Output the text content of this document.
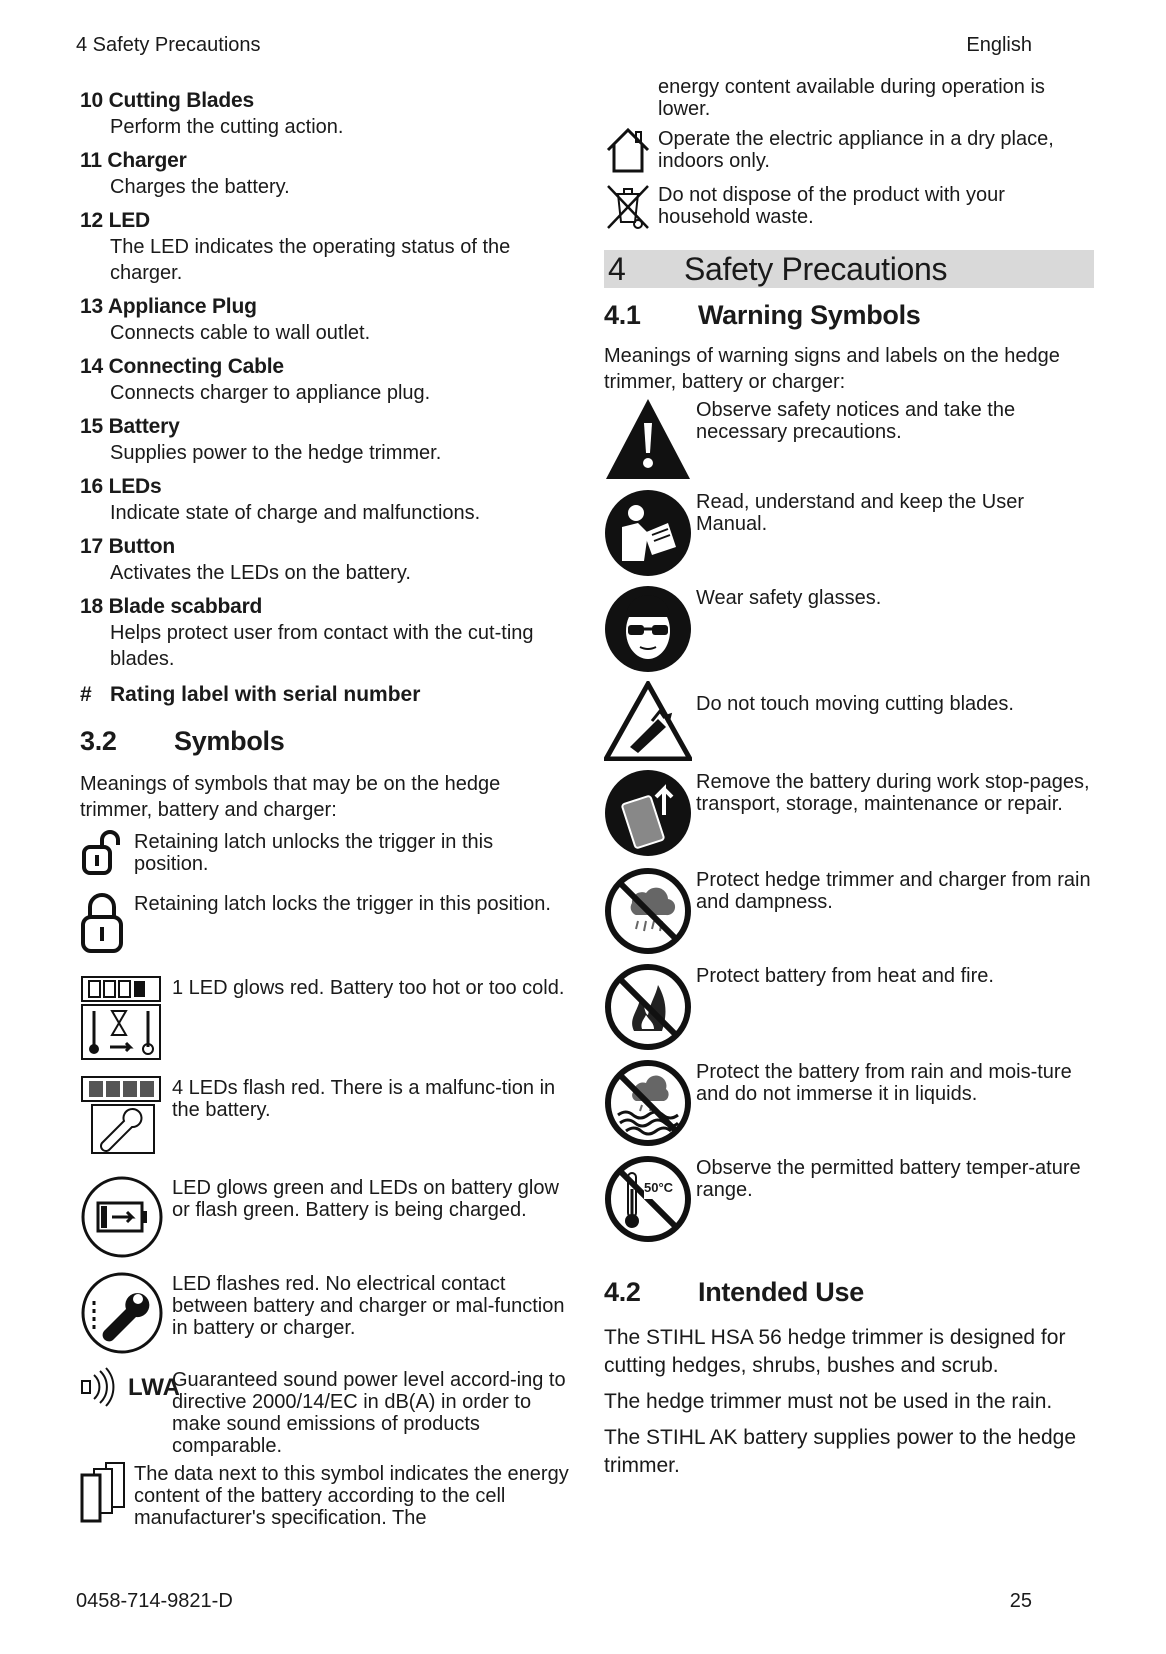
4 Safety Precautions	English
10 Cutting Blades
Perform the cutting action.
11 Charger
Charges the battery.
12 LED
The LED indicates the operating status of the charger.
13 Appliance Plug
Connects cable to wall outlet.
14 Connecting Cable
Connects charger to appliance plug.
15 Battery
Supplies power to the hedge trimmer.
16 LEDs
Indicate state of charge and malfunctions.
17 Button
Activates the LEDs on the battery.
18 Blade scabbard
Helps protect user from contact with the cut-ting blades.
# Rating label with serial number
3.2	Symbols
Meanings of symbols that may be on the hedge trimmer, battery and charger:
Retaining latch unlocks the trigger in this position.
Retaining latch locks the trigger in this position.
1 LED glows red. Battery too hot or too cold.
4 LEDs flash red. There is a malfunc-tion in the battery.
LED glows green and LEDs on battery glow or flash green. Battery is being charged.
LED flashes red. No electrical contact between battery and charger or mal-function in battery or charger.
LWA
Guaranteed sound power level accord-ing to directive 2000/14/EC in dB(A) in order to make sound emissions of products comparable.
The data next to this symbol indicates the energy content of the battery according to the cell manufacturer's specification. The
energy content available during operation is lower.
Operate the electric appliance in a dry place, indoors only.
Do not dispose of the product with your household waste.
4	Safety Precautions
4.1	Warning Symbols
Meanings of warning signs and labels on the hedge trimmer, battery or charger:
Observe safety notices and take the necessary precautions.
Read, understand and keep the User Manual.
Wear safety glasses.
Do not touch moving cutting blades.
Remove the battery during work stop-pages, transport, storage, maintenance or repair.
Protect hedge trimmer and charger from rain and dampness.
Protect battery from heat and fire.
Protect the battery from rain and mois-ture and do not immerse it in liquids.
50°C
Observe the permitted battery temper-ature range.
4.2	Intended Use
The STIHL HSA 56 hedge trimmer is designed for cutting hedges, shrubs, bushes and scrub.
The hedge trimmer must not be used in the rain.
The STIHL AK battery supplies power to the hedge trimmer.
0458-714-9821-D	25
